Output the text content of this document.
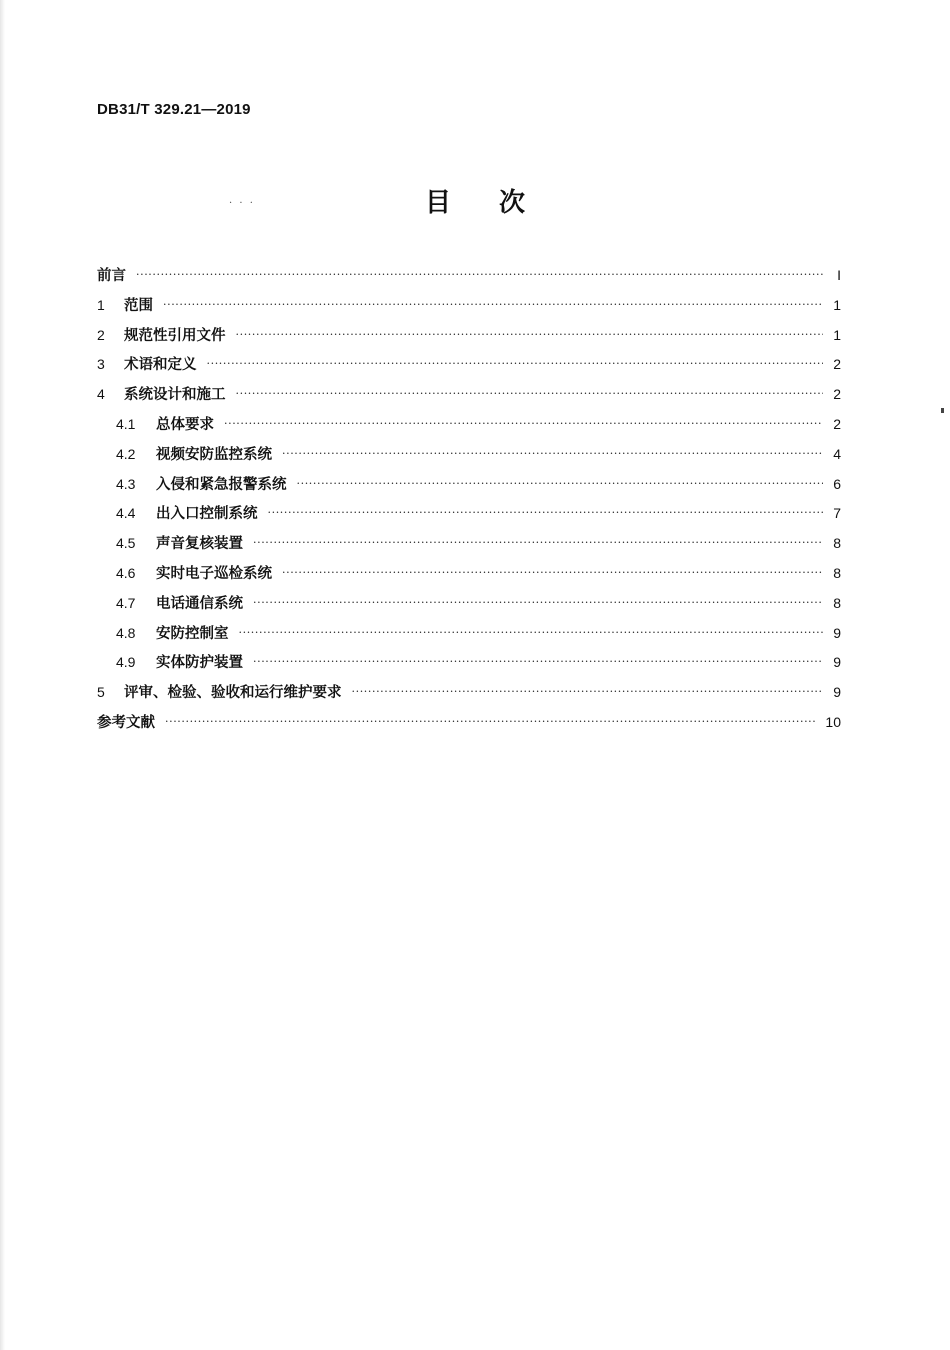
DB31/T 329.21—2019
· · ·	目 次
前言 ·····	I
1	范围 ·····	1
2	规范性引用文件 ·····	1
3	术语和定义 ·····	2
4	系统设计和施工 ·····	2
4.1	总体要求 ·····	2
4.2	视频安防监控系统 ·····	4
4.3	入侵和紧急报警系统 ·····	6
4.4	出入口控制系统 ·····	7
4.5	声音复核装置 ·····	8
4.6	实时电子巡检系统 ·····	8
4.7	电话通信系统 ·····	8
4.8	安防控制室 ·····	9
4.9	实体防护装置 ·····	9
5	评审、检验、验收和运行维护要求 ·····	9
参考文献 ·····	10
